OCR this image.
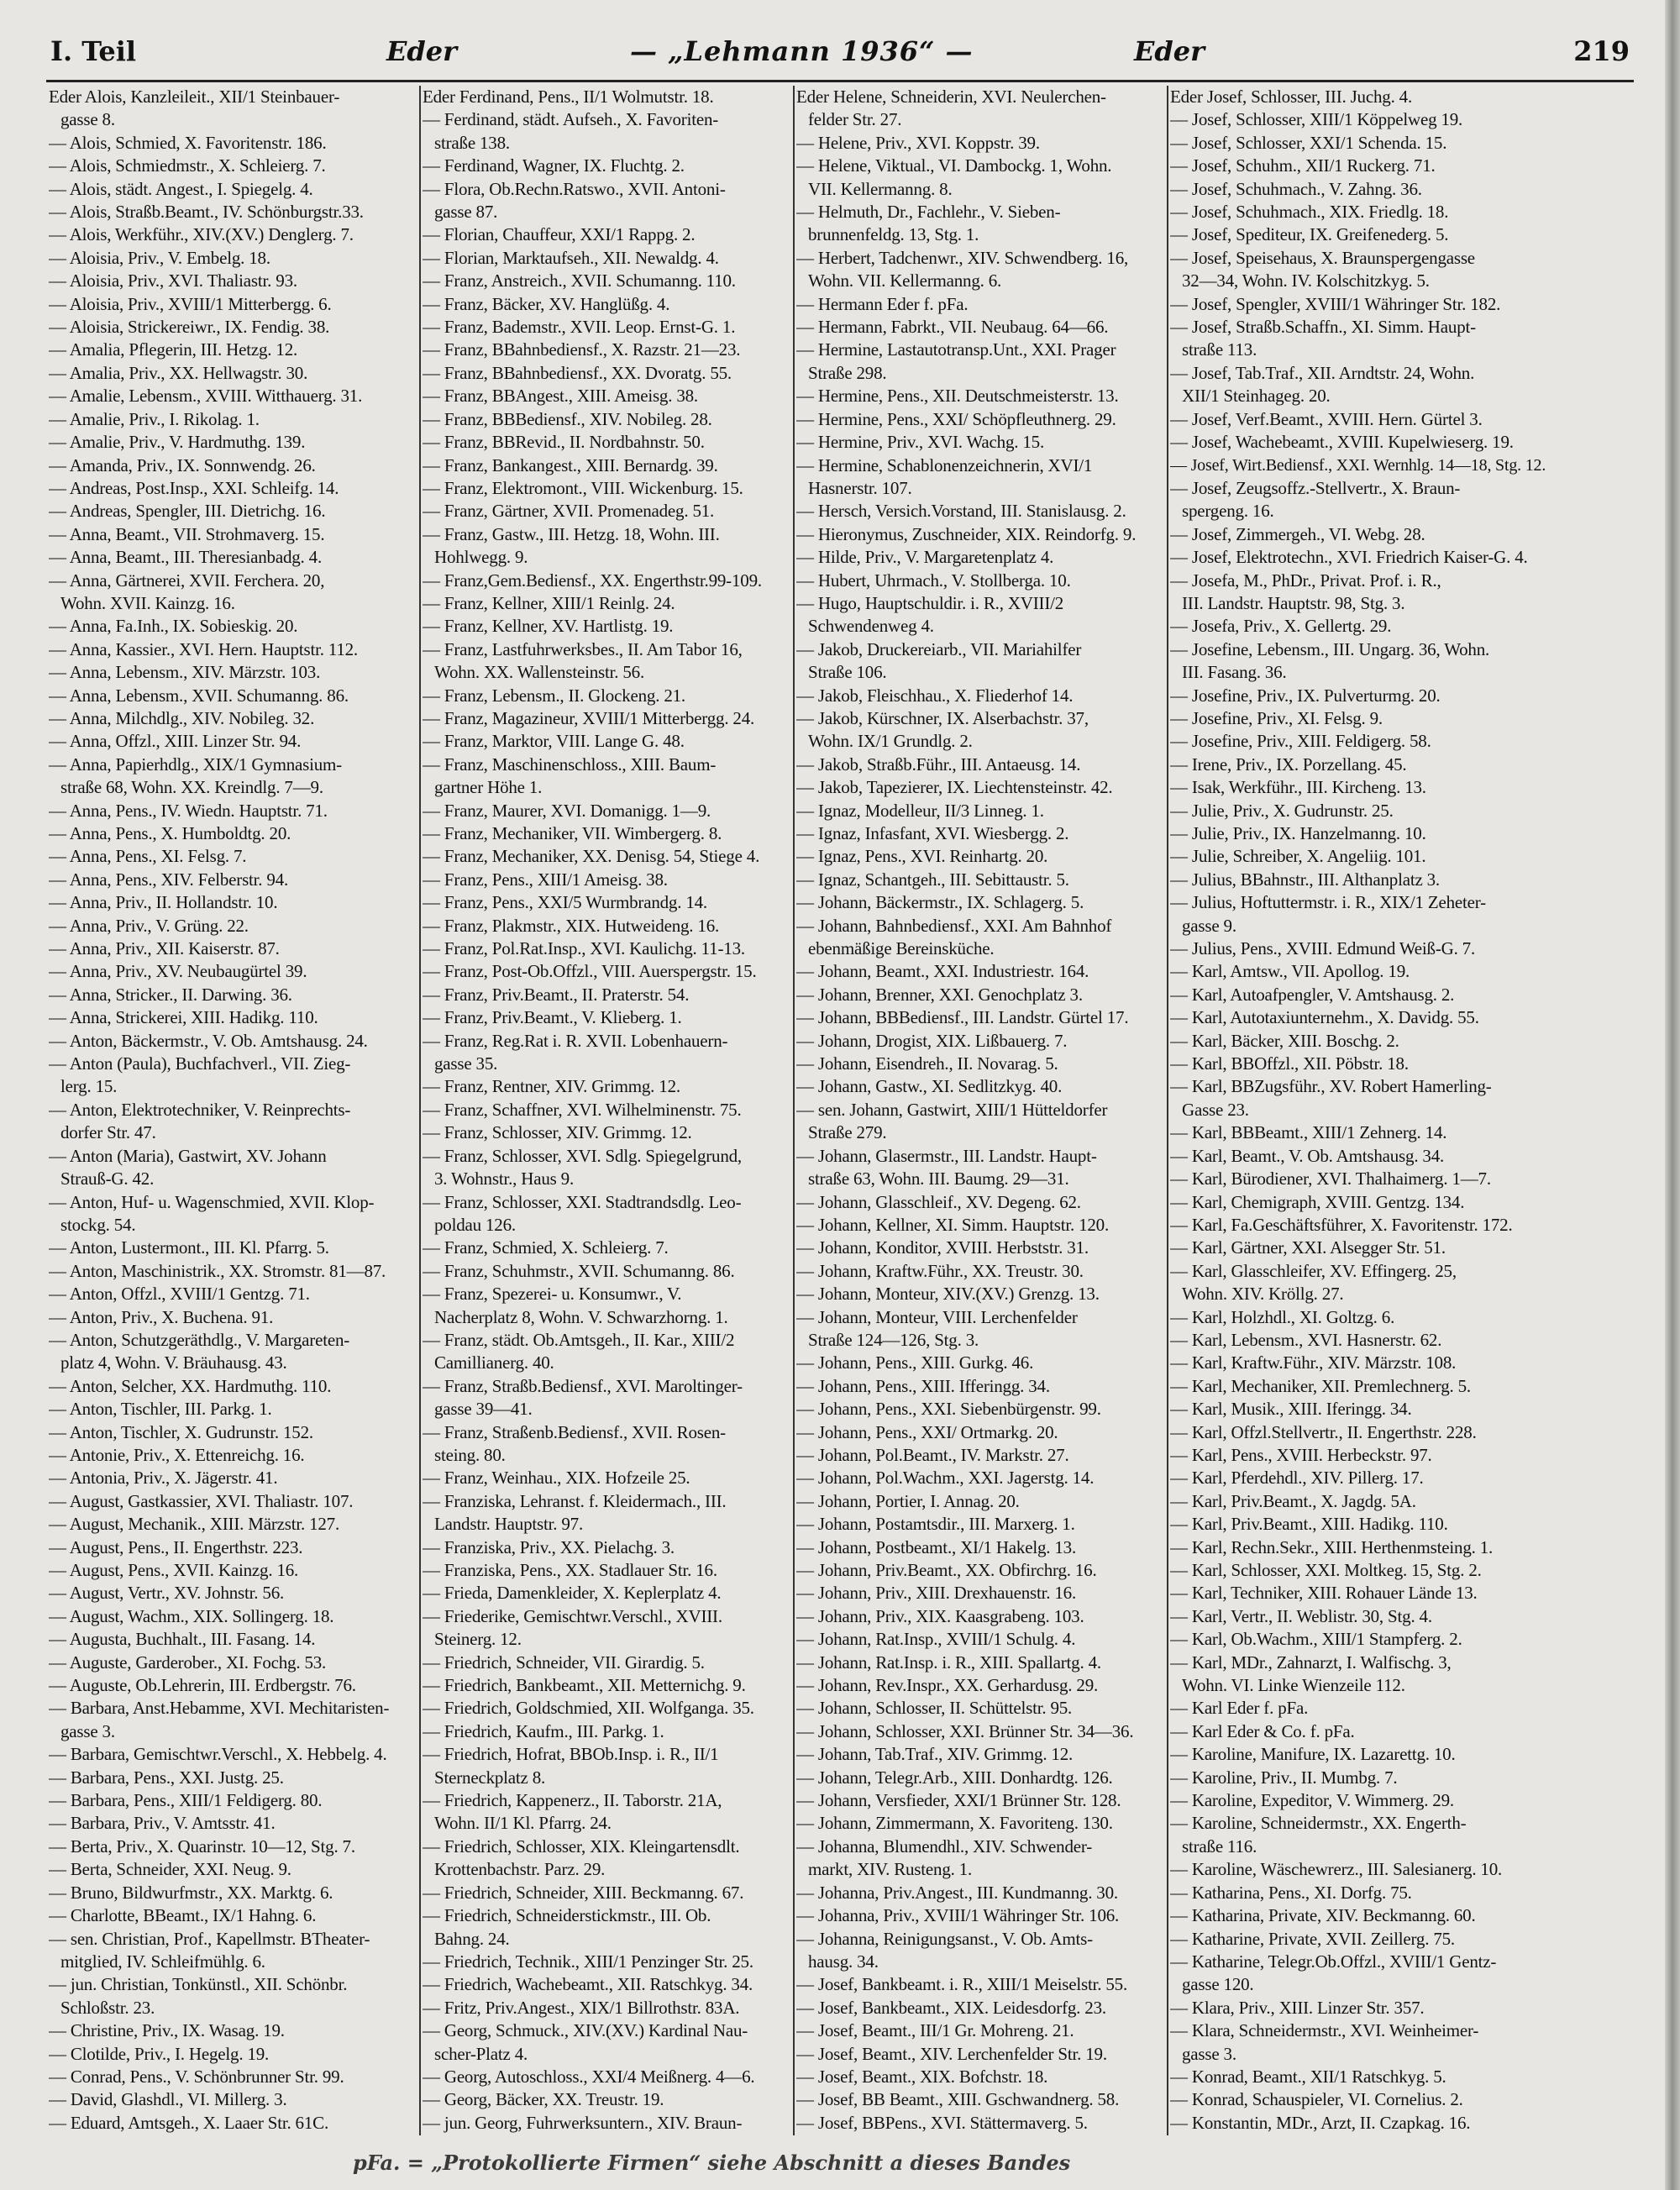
I. Teil	Eder	— „Lehmann 1936“ —	Eder	219
Eder Alois, Kanzleileit., XII/1 Steinbauer-
gasse 8.
— Alois, Schmied, X. Favoritenstr. 186.
— Alois, Schmiedmstr., X. Schleierg. 7.
— Alois, städt. Angest., I. Spiegelg. 4.
— Alois, Straßb.Beamt., IV. Schönburgstr.33.
— Alois, Werkführ., XIV.(XV.) Denglerg. 7.
— Aloisia, Priv., V. Embelg. 18.
— Aloisia, Priv., XVI. Thaliastr. 93.
— Aloisia, Priv., XVIII/1 Mitterbergg. 6.
— Aloisia, Strickereiwr., IX. Fendig. 38.
— Amalia, Pflegerin, III. Hetzg. 12.
— Amalia, Priv., XX. Hellwagstr. 30.
— Amalie, Lebensm., XVIII. Witthauerg. 31.
— Amalie, Priv., I. Rikolag. 1.
— Amalie, Priv., V. Hardmuthg. 139.
— Amanda, Priv., IX. Sonnwendg. 26.
— Andreas, Post.Insp., XXI. Schleifg. 14.
— Andreas, Spengler, III. Dietrichg. 16.
— Anna, Beamt., VII. Strohmaverg. 15.
— Anna, Beamt., III. Theresianbadg. 4.
— Anna, Gärtnerei, XVII. Ferchera. 20,
Wohn. XVII. Kainzg. 16.
— Anna, Fa.Inh., IX. Sobieskig. 20.
— Anna, Kassier., XVI. Hern. Hauptstr. 112.
— Anna, Lebensm., XIV. Märzstr. 103.
— Anna, Lebensm., XVII. Schumanng. 86.
— Anna, Milchdlg., XIV. Nobileg. 32.
— Anna, Offzl., XIII. Linzer Str. 94.
— Anna, Papierhdlg., XIX/1 Gymnasium-
straße 68, Wohn. XX. Kreindlg. 7—9.
— Anna, Pens., IV. Wiedn. Hauptstr. 71.
— Anna, Pens., X. Humboldtg. 20.
— Anna, Pens., XI. Felsg. 7.
— Anna, Pens., XIV. Felberstr. 94.
— Anna, Priv., II. Hollandstr. 10.
— Anna, Priv., V. Grüng. 22.
— Anna, Priv., XII. Kaiserstr. 87.
— Anna, Priv., XV. Neubaugürtel 39.
— Anna, Stricker., II. Darwing. 36.
— Anna, Strickerei, XIII. Hadikg. 110.
— Anton, Bäckermstr., V. Ob. Amtshausg. 24.
— Anton (Paula), Buchfachverl., VII. Zieg-
lerg. 15.
— Anton, Elektrotechniker, V. Reinprechts-
dorfer Str. 47.
— Anton (Maria), Gastwirt, XV. Johann
Strauß-G. 42.
— Anton, Huf- u. Wagenschmied, XVII. Klop-
stockg. 54.
— Anton, Lustermont., III. Kl. Pfarrg. 5.
— Anton, Maschinistrik., XX. Stromstr. 81—87.
— Anton, Offzl., XVIII/1 Gentzg. 71.
— Anton, Priv., X. Buchena. 91.
— Anton, Schutzgeräthdlg., V. Margareten-
platz 4, Wohn. V. Bräuhausg. 43.
— Anton, Selcher, XX. Hardmuthg. 110.
— Anton, Tischler, III. Parkg. 1.
— Anton, Tischler, X. Gudrunstr. 152.
— Antonie, Priv., X. Ettenreichg. 16.
— Antonia, Priv., X. Jägerstr. 41.
— August, Gastkassier, XVI. Thaliastr. 107.
— August, Mechanik., XIII. Märzstr. 127.
— August, Pens., II. Engerthstr. 223.
— August, Pens., XVII. Kainzg. 16.
— August, Vertr., XV. Johnstr. 56.
— August, Wachm., XIX. Sollingerg. 18.
— Augusta, Buchhalt., III. Fasang. 14.
— Auguste, Garderober., XI. Fochg. 53.
— Auguste, Ob.Lehrerin, III. Erdbergstr. 76.
— Barbara, Anst.Hebamme, XVI. Mechitaristen-
gasse 3.
— Barbara, Gemischtwr.Verschl., X. Hebbelg. 4.
— Barbara, Pens., XXI. Justg. 25.
— Barbara, Pens., XIII/1 Feldigerg. 80.
— Barbara, Priv., V. Amtsstr. 41.
— Berta, Priv., X. Quarinstr. 10—12, Stg. 7.
— Berta, Schneider, XXI. Neug. 9.
— Bruno, Bildwurfmstr., XX. Marktg. 6.
— Charlotte, BBeamt., IX/1 Hahng. 6.
— sen. Christian, Prof., Kapellmstr. BTheater-
mitglied, IV. Schleifmühlg. 6.
— jun. Christian, Tonkünstl., XII. Schönbr.
Schloßstr. 23.
— Christine, Priv., IX. Wasag. 19.
— Clotilde, Priv., I. Hegelg. 19.
— Conrad, Pens., V. Schönbrunner Str. 99.
— David, Glashdl., VI. Millerg. 3.
— Eduard, Amtsgeh., X. Laaer Str. 61C.
Eder Ferdinand, Pens., II/1 Wolmutstr. 18.
— Ferdinand, städt. Aufseh., X. Favoriten-
straße 138.
— Ferdinand, Wagner, IX. Fluchtg. 2.
— Flora, Ob.Rechn.Ratswo., XVII. Antoni-
gasse 87.
— Florian, Chauffeur, XXI/1 Rappg. 2.
— Florian, Marktaufseh., XII. Newaldg. 4.
— Franz, Anstreich., XVII. Schumanng. 110.
— Franz, Bäcker, XV. Hanglüßg. 4.
— Franz, Bademstr., XVII. Leop. Ernst-G. 1.
— Franz, BBahnbediensf., X. Razstr. 21—23.
— Franz, BBahnbediensf., XX. Dvoratg. 55.
— Franz, BBAngest., XIII. Ameisg. 38.
— Franz, BBBediensf., XIV. Nobileg. 28.
— Franz, BBRevid., II. Nordbahnstr. 50.
— Franz, Bankangest., XIII. Bernardg. 39.
— Franz, Elektromont., VIII. Wickenburg. 15.
— Franz, Gärtner, XVII. Promenadeg. 51.
— Franz, Gastw., III. Hetzg. 18, Wohn. III.
Hohlwegg. 9.
— Franz,Gem.Bediensf., XX. Engerthstr.99-109.
— Franz, Kellner, XIII/1 Reinlg. 24.
— Franz, Kellner, XV. Hartlistg. 19.
— Franz, Lastfuhrwerksbes., II. Am Tabor 16,
Wohn. XX. Wallensteinstr. 56.
— Franz, Lebensm., II. Glockeng. 21.
— Franz, Magazineur, XVIII/1 Mitterbergg. 24.
— Franz, Marktor, VIII. Lange G. 48.
— Franz, Maschinenschloss., XIII. Baum-
gartner Höhe 1.
— Franz, Maurer, XVI. Domanigg. 1—9.
— Franz, Mechaniker, VII. Wimbergerg. 8.
— Franz, Mechaniker, XX. Denisg. 54, Stiege 4.
— Franz, Pens., XIII/1 Ameisg. 38.
— Franz, Pens., XXI/5 Wurmbrandg. 14.
— Franz, Plakmstr., XIX. Hutweideng. 16.
— Franz, Pol.Rat.Insp., XVI. Kaulichg. 11-13.
— Franz, Post-Ob.Offzl., VIII. Auerspergstr. 15.
— Franz, Priv.Beamt., II. Praterstr. 54.
— Franz, Priv.Beamt., V. Klieberg. 1.
— Franz, Reg.Rat i. R. XVII. Lobenhauern-
gasse 35.
— Franz, Rentner, XIV. Grimmg. 12.
— Franz, Schaffner, XVI. Wilhelminenstr. 75.
— Franz, Schlosser, XIV. Grimmg. 12.
— Franz, Schlosser, XVI. Sdlg. Spiegelgrund,
3. Wohnstr., Haus 9.
— Franz, Schlosser, XXI. Stadtrandsdlg. Leo-
poldau 126.
— Franz, Schmied, X. Schleierg. 7.
— Franz, Schuhmstr., XVII. Schumanng. 86.
— Franz, Spezerei- u. Konsumwr., V.
Nacherplatz 8, Wohn. V. Schwarzhorng. 1.
— Franz, städt. Ob.Amtsgeh., II. Kar., XIII/2
Camillianerg. 40.
— Franz, Straßb.Bediensf., XVI. Maroltinger-
gasse 39—41.
— Franz, Straßenb.Bediensf., XVII. Rosen-
steing. 80.
— Franz, Weinhau., XIX. Hofzeile 25.
— Franziska, Lehranst. f. Kleidermach., III.
Landstr. Hauptstr. 97.
— Franziska, Priv., XX. Pielachg. 3.
— Franziska, Pens., XX. Stadlauer Str. 16.
— Frieda, Damenkleider, X. Keplerplatz 4.
— Friederike, Gemischtwr.Verschl., XVIII.
Steinerg. 12.
— Friedrich, Schneider, VII. Girardig. 5.
— Friedrich, Bankbeamt., XII. Metternichg. 9.
— Friedrich, Goldschmied, XII. Wolfganga. 35.
— Friedrich, Kaufm., III. Parkg. 1.
— Friedrich, Hofrat, BBOb.Insp. i. R., II/1
Sterneckplatz 8.
— Friedrich, Kappenerz., II. Taborstr. 21A,
Wohn. II/1 Kl. Pfarrg. 24.
— Friedrich, Schlosser, XIX. Kleingartensdlt.
Krottenbachstr. Parz. 29.
— Friedrich, Schneider, XIII. Beckmanng. 67.
— Friedrich, Schneiderstickmstr., III. Ob.
Bahng. 24.
— Friedrich, Technik., XIII/1 Penzinger Str. 25.
— Friedrich, Wachebeamt., XII. Ratschkyg. 34.
— Fritz, Priv.Angest., XIX/1 Billrothstr. 83A.
— Georg, Schmuck., XIV.(XV.) Kardinal Nau-
scher-Platz 4.
— Georg, Autoschloss., XXI/4 Meißnerg. 4—6.
— Georg, Bäcker, XX. Treustr. 19.
— jun. Georg, Fuhrwerksuntern., XIV. Braun-
Eder Helene, Schneiderin, XVI. Neulerchen-
felder Str. 27.
— Helene, Priv., XVI. Koppstr. 39.
— Helene, Viktual., VI. Dambockg. 1, Wohn.
VII. Kellermanng. 8.
— Helmuth, Dr., Fachlehr., V. Sieben-
brunnenfeldg. 13, Stg. 1.
— Herbert, Tadchenwr., XIV. Schwendberg. 16,
Wohn. VII. Kellermanng. 6.
— Hermann Eder f. pFa.
— Hermann, Fabrkt., VII. Neubaug. 64—66.
— Hermine, Lastautotransp.Unt., XXI. Prager
Straße 298.
— Hermine, Pens., XII. Deutschmeisterstr. 13.
— Hermine, Pens., XXI/ Schöpfleuthnerg. 29.
— Hermine, Priv., XVI. Wachg. 15.
— Hermine, Schablonenzeichnerin, XVI/1
Hasnerstr. 107.
— Hersch, Versich.Vorstand, III. Stanislausg. 2.
— Hieronymus, Zuschneider, XIX. Reindorfg. 9.
— Hilde, Priv., V. Margaretenplatz 4.
— Hubert, Uhrmach., V. Stollberga. 10.
— Hugo, Hauptschuldir. i. R., XVIII/2
Schwendenweg 4.
— Jakob, Druckereiarb., VII. Mariahilfer
Straße 106.
— Jakob, Fleischhau., X. Fliederhof 14.
— Jakob, Kürschner, IX. Alserbachstr. 37,
Wohn. IX/1 Grundlg. 2.
— Jakob, Straßb.Führ., III. Antaeusg. 14.
— Jakob, Tapezierer, IX. Liechtensteinstr. 42.
— Ignaz, Modelleur, II/3 Linneg. 1.
— Ignaz, Infasfant, XVI. Wiesbergg. 2.
— Ignaz, Pens., XVI. Reinhartg. 20.
— Ignaz, Schantgeh., III. Sebittaustr. 5.
— Johann, Bäckermstr., IX. Schlagerg. 5.
— Johann, Bahnbediensf., XXI. Am Bahnhof
ebenmäßige Bereinsküche.
— Johann, Beamt., XXI. Industriestr. 164.
— Johann, Brenner, XXI. Genochplatz 3.
— Johann, BBBediensf., III. Landstr. Gürtel 17.
— Johann, Drogist, XIX. Lißbauerg. 7.
— Johann, Eisendreh., II. Novarag. 5.
— Johann, Gastw., XI. Sedlitzkyg. 40.
— sen. Johann, Gastwirt, XIII/1 Hütteldorfer
Straße 279.
— Johann, Glasermstr., III. Landstr. Haupt-
straße 63, Wohn. III. Baumg. 29—31.
— Johann, Glasschleif., XV. Degeng. 62.
— Johann, Kellner, XI. Simm. Hauptstr. 120.
— Johann, Konditor, XVIII. Herbststr. 31.
— Johann, Kraftw.Führ., XX. Treustr. 30.
— Johann, Monteur, XIV.(XV.) Grenzg. 13.
— Johann, Monteur, VIII. Lerchenfelder
Straße 124—126, Stg. 3.
— Johann, Pens., XIII. Gurkg. 46.
— Johann, Pens., XIII. Ifferingg. 34.
— Johann, Pens., XXI. Siebenbürgenstr. 99.
— Johann, Pens., XXI/ Ortmarkg. 20.
— Johann, Pol.Beamt., IV. Markstr. 27.
— Johann, Pol.Wachm., XXI. Jagerstg. 14.
— Johann, Portier, I. Annag. 20.
— Johann, Postamtsdir., III. Marxerg. 1.
— Johann, Postbeamt., XI/1 Hakelg. 13.
— Johann, Priv.Beamt., XX. Obfirchrg. 16.
— Johann, Priv., XIII. Drexhauenstr. 16.
— Johann, Priv., XIX. Kaasgrabeng. 103.
— Johann, Rat.Insp., XVIII/1 Schulg. 4.
— Johann, Rat.Insp. i. R., XIII. Spallartg. 4.
— Johann, Rev.Inspr., XX. Gerhardusg. 29.
— Johann, Schlosser, II. Schüttelstr. 95.
— Johann, Schlosser, XXI. Brünner Str. 34—36.
— Johann, Tab.Traf., XIV. Grimmg. 12.
— Johann, Telegr.Arb., XIII. Donhardtg. 126.
— Johann, Versfieder, XXI/1 Brünner Str. 128.
— Johann, Zimmermann, X. Favoriteng. 130.
— Johanna, Blumendhl., XIV. Schwender-
markt, XIV. Rusteng. 1.
— Johanna, Priv.Angest., III. Kundmanng. 30.
— Johanna, Priv., XVIII/1 Währinger Str. 106.
— Johanna, Reinigungsanst., V. Ob. Amts-
hausg. 34.
— Josef, Bankbeamt. i. R., XIII/1 Meiselstr. 55.
— Josef, Bankbeamt., XIX. Leidesdorfg. 23.
— Josef, Beamt., III/1 Gr. Mohreng. 21.
— Josef, Beamt., XIV. Lerchenfelder Str. 19.
— Josef, Beamt., XIX. Bofchstr. 18.
— Josef, BB Beamt., XIII. Gschwandnerg. 58.
— Josef, BBPens., XVI. Stättermaverg. 5.
Eder Josef, Schlosser, III. Juchg. 4.
— Josef, Schlosser, XIII/1 Köppelweg 19.
— Josef, Schlosser, XXI/1 Schenda. 15.
— Josef, Schuhm., XII/1 Ruckerg. 71.
— Josef, Schuhmach., V. Zahng. 36.
— Josef, Schuhmach., XIX. Friedlg. 18.
— Josef, Spediteur, IX. Greifenederg. 5.
— Josef, Speisehaus, X. Braunspergengasse
32—34, Wohn. IV. Kolschitzkyg. 5.
— Josef, Spengler, XVIII/1 Währinger Str. 182.
— Josef, Straßb.Schaffn., XI. Simm. Haupt-
straße 113.
— Josef, Tab.Traf., XII. Arndtstr. 24, Wohn.
XII/1 Steinhageg. 20.
— Josef, Verf.Beamt., XVIII. Hern. Gürtel 3.
— Josef, Wachebeamt., XVIII. Kupelwieserg. 19.
— Josef, Wirt.Bediensf., XXI. Wernhlg. 14—18, Stg. 12.
— Josef, Zeugsoffz.-Stellvertr., X. Braun-
spergeng. 16.
— Josef, Zimmergeh., VI. Webg. 28.
— Josef, Elektrotechn., XVI. Friedrich Kaiser-G. 4.
— Josefa, M., PhDr., Privat. Prof. i. R.,
III. Landstr. Hauptstr. 98, Stg. 3.
— Josefa, Priv., X. Gellertg. 29.
— Josefine, Lebensm., III. Ungarg. 36, Wohn.
III. Fasang. 36.
— Josefine, Priv., IX. Pulverturmg. 20.
— Josefine, Priv., XI. Felsg. 9.
— Josefine, Priv., XIII. Feldigerg. 58.
— Irene, Priv., IX. Porzellang. 45.
— Isak, Werkführ., III. Kircheng. 13.
— Julie, Priv., X. Gudrunstr. 25.
— Julie, Priv., IX. Hanzelmanng. 10.
— Julie, Schreiber, X. Angeliig. 101.
— Julius, BBahnstr., III. Althanplatz 3.
— Julius, Hoftuttermstr. i. R., XIX/1 Zeheter-
gasse 9.
— Julius, Pens., XVIII. Edmund Weiß-G. 7.
— Karl, Amtsw., VII. Apollog. 19.
— Karl, Autoafpengler, V. Amtshausg. 2.
— Karl, Autotaxiunternehm., X. Davidg. 55.
— Karl, Bäcker, XIII. Boschg. 2.
— Karl, BBOffzl., XII. Pöbstr. 18.
— Karl, BBZugsführ., XV. Robert Hamerling-
Gasse 23.
— Karl, BBBeamt., XIII/1 Zehnerg. 14.
— Karl, Beamt., V. Ob. Amtshausg. 34.
— Karl, Bürodiener, XVI. Thalhaimerg. 1—7.
— Karl, Chemigraph, XVIII. Gentzg. 134.
— Karl, Fa.Geschäftsführer, X. Favoritenstr. 172.
— Karl, Gärtner, XXI. Alsegger Str. 51.
— Karl, Glasschleifer, XV. Effingerg. 25,
Wohn. XIV. Kröllg. 27.
— Karl, Holzhdl., XI. Goltzg. 6.
— Karl, Lebensm., XVI. Hasnerstr. 62.
— Karl, Kraftw.Führ., XIV. Märzstr. 108.
— Karl, Mechaniker, XII. Premlechnerg. 5.
— Karl, Musik., XIII. Iferingg. 34.
— Karl, Offzl.Stellvertr., II. Engerthstr. 228.
— Karl, Pens., XVIII. Herbeckstr. 97.
— Karl, Pferdehdl., XIV. Pillerg. 17.
— Karl, Priv.Beamt., X. Jagdg. 5A.
— Karl, Priv.Beamt., XIII. Hadikg. 110.
— Karl, Rechn.Sekr., XIII. Herthenmsteing. 1.
— Karl, Schlosser, XXI. Moltkeg. 15, Stg. 2.
— Karl, Techniker, XIII. Rohauer Lände 13.
— Karl, Vertr., II. Weblistr. 30, Stg. 4.
— Karl, Ob.Wachm., XIII/1 Stampferg. 2.
— Karl, MDr., Zahnarzt, I. Walfischg. 3,
Wohn. VI. Linke Wienzeile 112.
— Karl Eder f. pFa.
— Karl Eder & Co. f. pFa.
— Karoline, Manifure, IX. Lazarettg. 10.
— Karoline, Priv., II. Mumbg. 7.
— Karoline, Expeditor, V. Wimmerg. 29.
— Karoline, Schneidermstr., XX. Engerth-
straße 116.
— Karoline, Wäschewrerz., III. Salesianerg. 10.
— Katharina, Pens., XI. Dorfg. 75.
— Katharina, Private, XIV. Beckmanng. 60.
— Katharine, Private, XVII. Zeillerg. 75.
— Katharine, Telegr.Ob.Offzl., XVIII/1 Gentz-
gasse 120.
— Klara, Priv., XIII. Linzer Str. 357.
— Klara, Schneidermstr., XVI. Weinheimer-
gasse 3.
— Konrad, Beamt., XII/1 Ratschkyg. 5.
— Konrad, Schauspieler, VI. Cornelius. 2.
— Konstantin, MDr., Arzt, II. Czapkag. 16.
pFa. = „Protokollierte Firmen“ siehe Abschnitt a dieses Bandes
